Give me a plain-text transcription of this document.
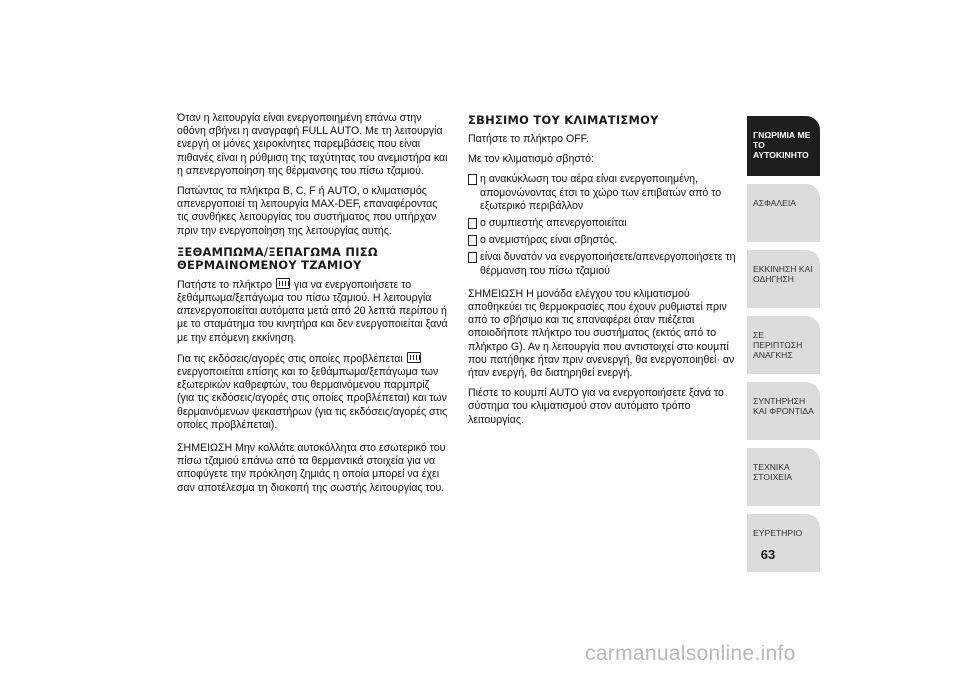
Όταν η λειτουργία είναι ενεργοποιημένη επάνω στην οθόνη σβήνει η αναγραφή FULL AUTO. Με τη λειτουργία ενεργή οι μόνες χειροκίνητες παρεμβάσεις που είναι πιθανές είναι η ρύθμιση της ταχύτητας του ανεμιστήρα και η απενεργοποίηση της θέρμανσης του πίσω τζαμιού.

Πατώντας τα πλήκτρα B, C, F ή AUTO, ο κλιματισμός απενεργοποιεί τη λειτουργία MAX-DEF, επαναφέροντας τις συνθήκες λειτουργίας του συστήματος που υπήρχαν πριν την ενεργοποίηση της λειτουργίας αυτής.

ΞΕΘΑΜΠΩΜΑ/ΞΕΠΑΓΩΜΑ ΠΙΣΩ ΘΕΡΜΑΙΝΟΜΕΝΟΥ ΤΖΑΜΙΟΥ

Πατήστε το πλήκτρο για να ενεργοποιήσετε το ξεθάμπωμα/ξεπάγωμα του πίσω τζαμιού. Η λειτουργία απενεργοποιείται αυτόματα μετά από 20 λεπτά περίπου ή με το σταμάτημα του κινητήρα και δεν ενεργοποιείται ξανά με την επόμενη εκκίνηση.

Για τις εκδόσεις/αγορές στις οποίες προβλέπεται  ενεργοποιείται επίσης και το ξεθάμπωμα/ξεπάγωμα των εξωτερικών καθρεφτών, του θερμαινόμενου παρμπρίζ (για τις εκδόσεις/αγορές στις οποίες προβλέπεται) και των θερμαινόμενων ψεκαστήρων (για τις εκδόσεις/αγορές στις οποίες προβλέπεται).

ΣΗΜΕΙΩΣΗ Μην κολλάτε αυτοκόλλητα στο εσωτερικό του πίσω τζαμιού επάνω από τα θερμαντικά στοιχεία για να αποφύγετε την πρόκληση ζημιάς η οποία μπορεί να έχει σαν αποτέλεσμα τη διακοπή της σωστής λειτουργίας του.

ΣΒΗΣΙΜΟ ΤΟΥ ΚΛΙΜΑΤΙΣΜΟΥ

Πατήστε το πλήκτρο OFF.

Με τον κλιματισμό σβηστό:

η ανακύκλωση του αέρα είναι ενεργοποιημένη, απομονώνοντας έτσι το χώρο των επιβατών από το εξωτερικό περιβάλλον
ο συμπιεστής απενεργοποιείται
ο ανεμιστήρας είναι σβηστός.
είναι δυνατόν να ενεργοποιήσετε/απενεργοποιήσετε τη θέρμανση του πίσω τζαμιού

ΣΗΜΕΙΩΣΗ Η μονάδα ελέγχου του κλιματισμού αποθηκεύει τις θερμοκρασίες που έχουν ρυθμιστεί πριν από το σβήσιμο και τις επαναφέρει όταν πιέζεται οποιοδήποτε πλήκτρο του συστήματος (εκτός από το πλήκτρο G). Αν η λειτουργία που αντιστοιχεί στο κουμπί που πατήθηκε ήταν πριν ανενεργή, θα ενεργοποιηθεί· αν ήταν ενεργή, θα διατηρηθεί ενεργή.

Πιέστε το κουμπί AUTO για να ενεργοποιήσετε ξανά το σύστημα του κλιματισμού στον αυτόματο τρόπο λειτουργίας.

ΓΝΩΡΙΜΙΑ ΜΕ ΤΟ ΑΥΤΟΚΙΝΗΤΟ
ΑΣΦΑΛΕΙΑ
ΕΚΚΙΝΗΣΗ ΚΑΙ ΟΔΗΓΗΣΗ
ΣΕ ΠΕΡΙΠΤΩΣΗ ΑΝΑΓΚΗΣ
ΣΥΝΤΗΡΗΣΗ ΚΑΙ ΦΡΟΝΤΙΔΑ
ΤΕΧΝΙΚΑ ΣΤΟΙΧΕΙΑ
ΕΥΡΕΤΗΡΙΟ
63
carmanualsonline.info
